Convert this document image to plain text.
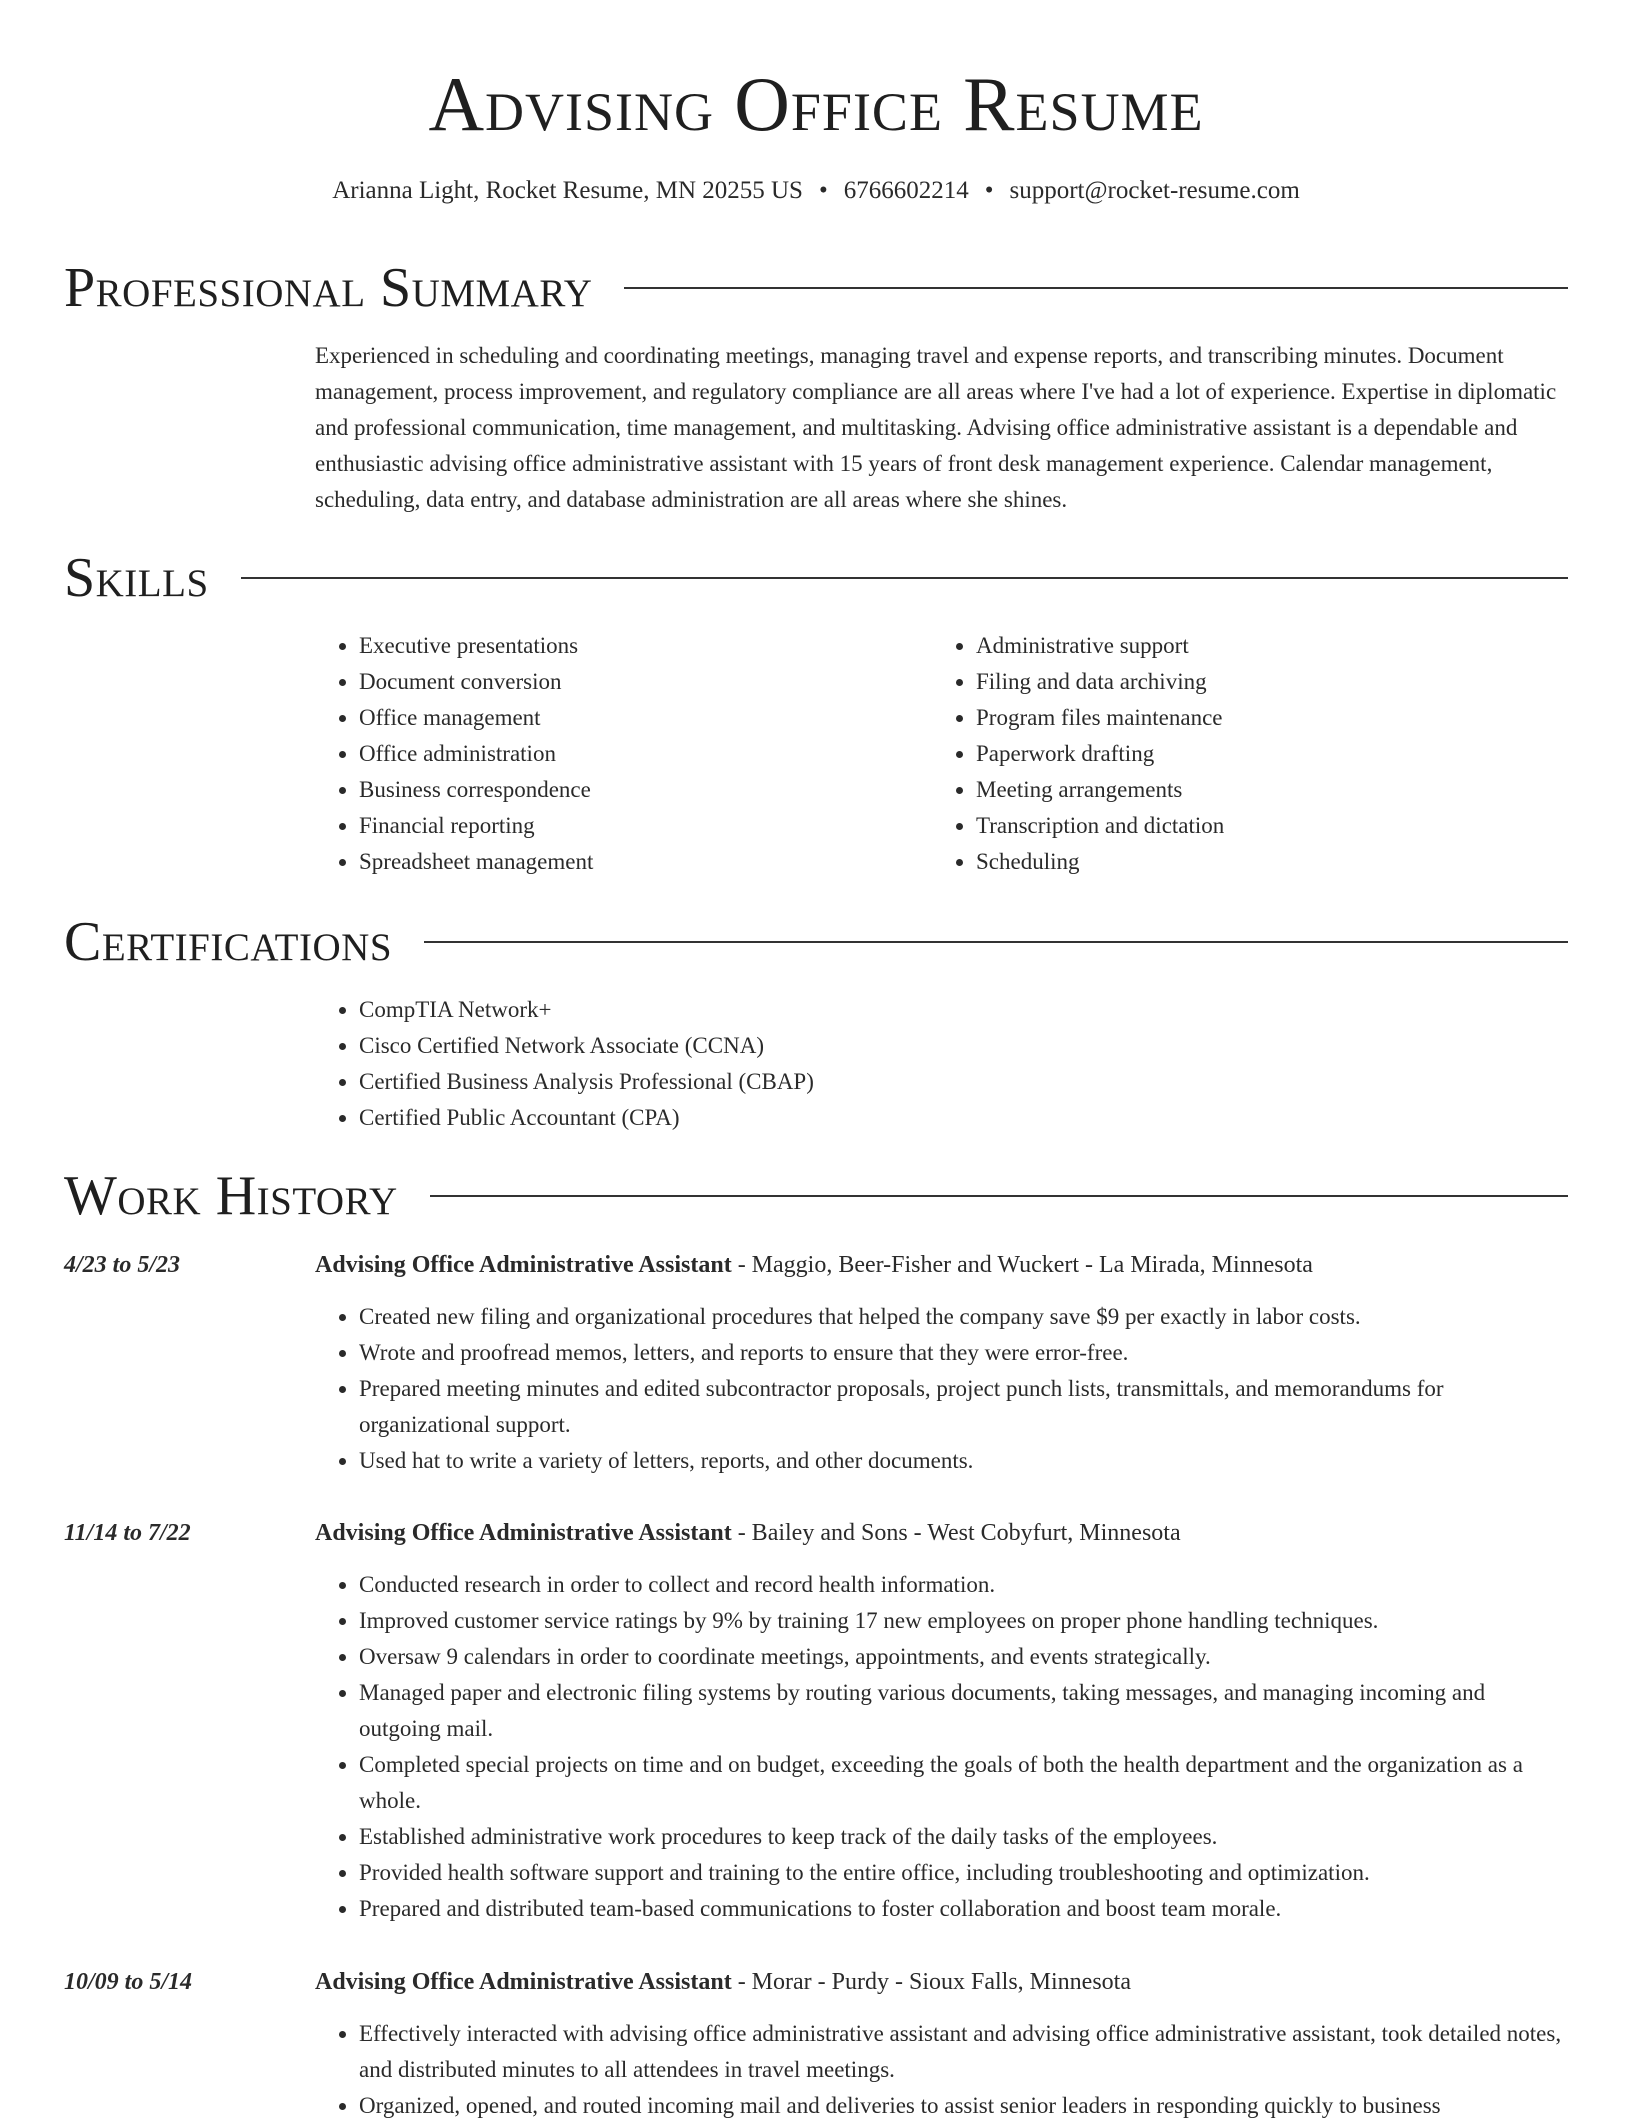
Advising Office Resume
Arianna Light, Rocket Resume, MN 20255 US • 6766602214 • support@rocket-resume.com
Professional Summary

Experienced in scheduling and coordinating meetings, managing travel and expense reports, and transcribing minutes. Document management, process improvement, and regulatory compliance are all areas where I've had a lot of experience. Expertise in diplomatic and professional communication, time management, and multitasking. Advising office administrative assistant is a dependable and enthusiastic advising office administrative assistant with 15 years of front desk management experience. Calendar management, scheduling, data entry, and database administration are all areas where she shines.

Skills
• Executive presentations
• Document conversion
• Office management
• Office administration
• Business correspondence
• Financial reporting
• Spreadsheet management
• Administrative support
• Filing and data archiving
• Program files maintenance
• Paperwork drafting
• Meeting arrangements
• Transcription and dictation
• Scheduling
Certifications
• CompTIA Network+
• Cisco Certified Network Associate (CCNA)
• Certified Business Analysis Professional (CBAP)
• Certified Public Accountant (CPA)
Work History
4/23 to 5/23	Advising Office Administrative Assistant - Maggio, Beer-Fisher and Wuckert - La Mirada, Minnesota
• Created new filing and organizational procedures that helped the company save $9 per exactly in labor costs.
• Wrote and proofread memos, letters, and reports to ensure that they were error-free.
• Prepared meeting minutes and edited subcontractor proposals, project punch lists, transmittals, and memorandums for organizational support.
• Used hat to write a variety of letters, reports, and other documents.
11/14 to 7/22	Advising Office Administrative Assistant - Bailey and Sons - West Cobyfurt, Minnesota
• Conducted research in order to collect and record health information.
• Improved customer service ratings by 9% by training 17 new employees on proper phone handling techniques.
• Oversaw 9 calendars in order to coordinate meetings, appointments, and events strategically.
• Managed paper and electronic filing systems by routing various documents, taking messages, and managing incoming and outgoing mail.
• Completed special projects on time and on budget, exceeding the goals of both the health department and the organization as a whole.
• Established administrative work procedures to keep track of the daily tasks of the employees.
• Provided health software support and training to the entire office, including troubleshooting and optimization.
• Prepared and distributed team-based communications to foster collaboration and boost team morale.
10/09 to 5/14	Advising Office Administrative Assistant - Morar - Purdy - Sioux Falls, Minnesota
• Effectively interacted with advising office administrative assistant and advising office administrative assistant, took detailed notes, and distributed minutes to all attendees in travel meetings.
• Organized, opened, and routed incoming mail and deliveries to assist senior leaders in responding quickly to business
